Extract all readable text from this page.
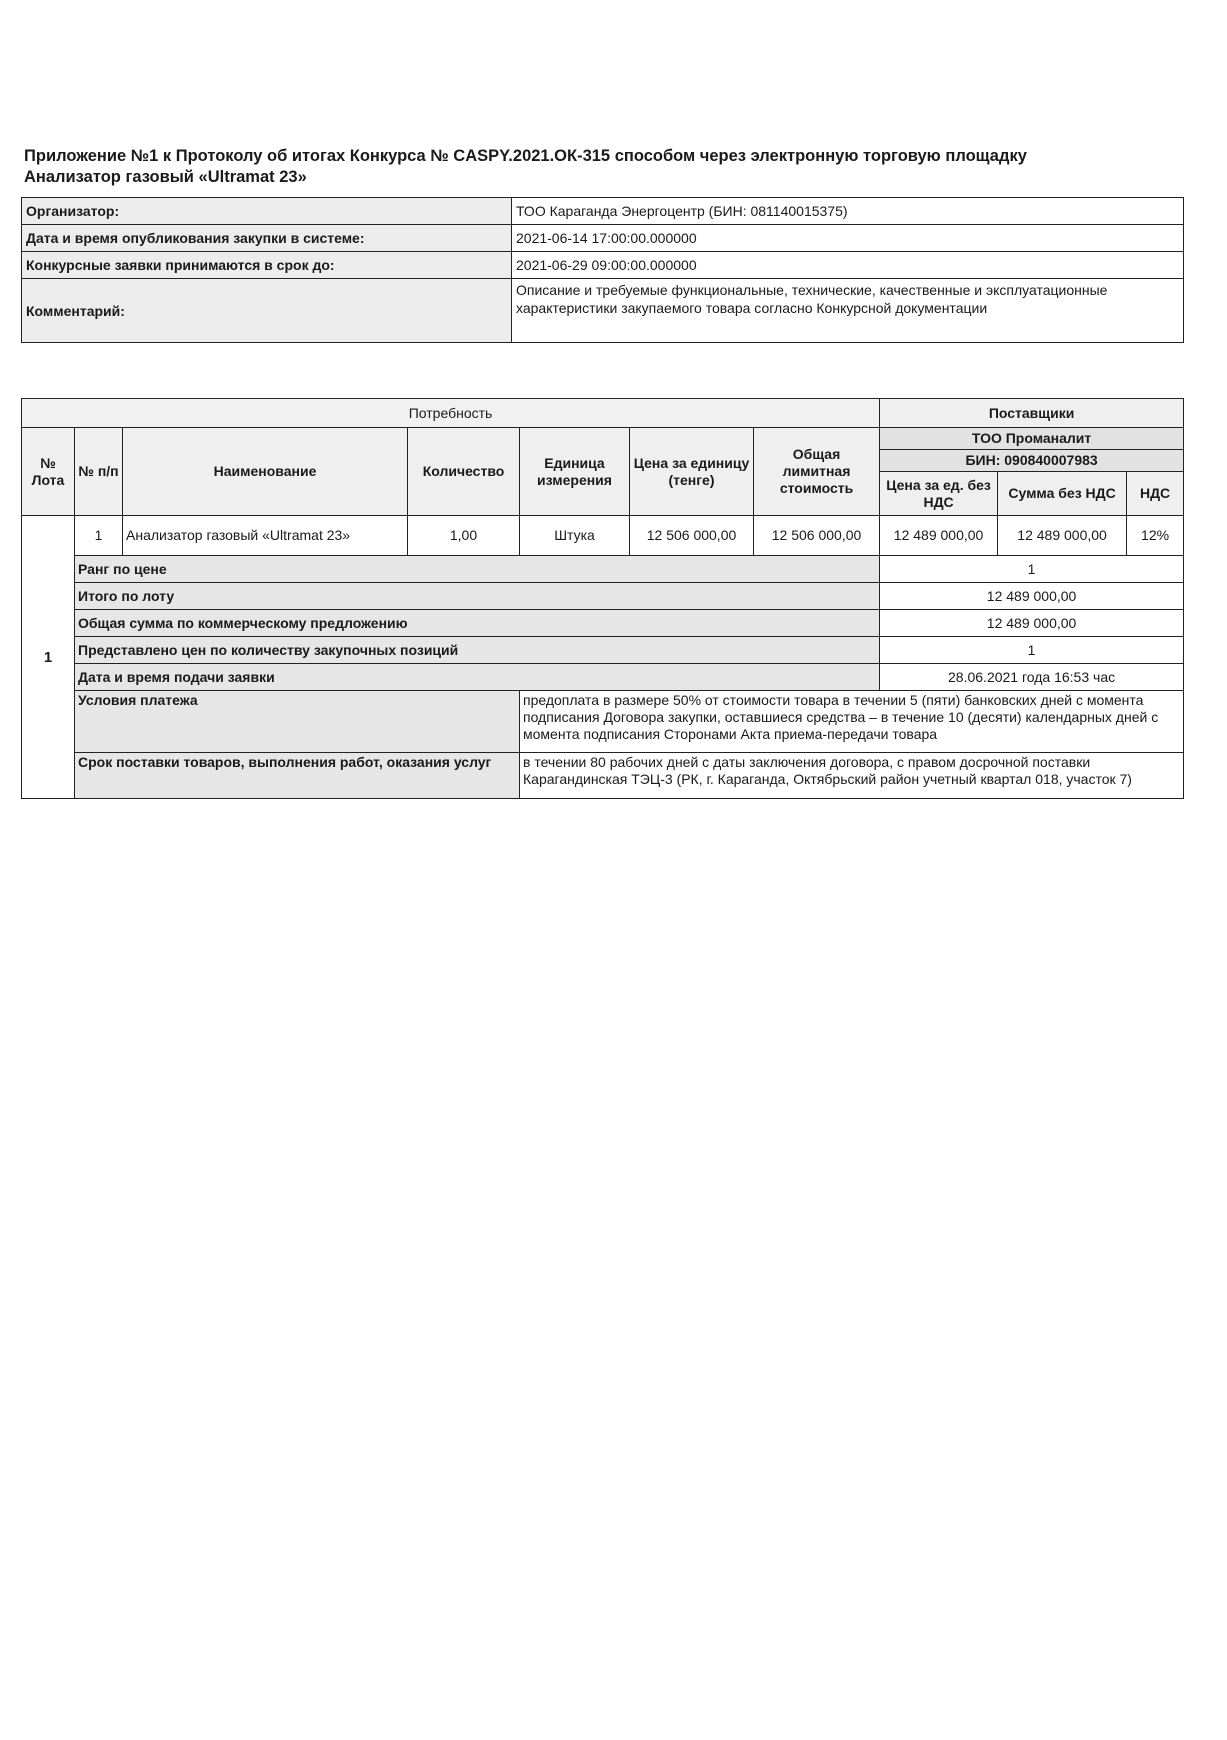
Приложение №1 к Протоколу об итогах Конкурса № CASPY.2021.ОК-315 способом через электронную торговую площадку
Анализатор газовый «Ultramat 23»
Организатор:	ТОО Караганда Энергоцентр (БИН: 081140015375)
Дата и время опубликования закупки в системе:	2021-06-14 17:00:00.000000
Конкурсные заявки принимаются в срок до:	2021-06-29 09:00:00.000000
Комментарий:	Описание и требуемые функциональные, технические, качественные и эксплуатационные характеристики закупаемого товара согласно Конкурсной документации
Потребность							Поставщики		
№ Лота	№ п/п	Наименование	Количество	Единица измерения	Цена за единицу (тенге)	Общая лимитная стоимость	ТОО Проманалит		
							БИН: 090840007983		
							Цена за ед. без НДС	Сумма без НДС	НДС
1	1	Анализатор газовый «Ultramat 23»	1,00	Штука	12 506 000,00	12 506 000,00	12 489 000,00	12 489 000,00	12%
	Ранг по цене						1		
	Итого по лоту						12 489 000,00		
	Общая сумма по коммерческому предложению						12 489 000,00		
	Представлено цен по количеству закупочных позиций						1		
	Дата и время подачи заявки						28.06.2021 года 16:53 час		
	Условия платежа			предоплата в размере 50% от стоимости товара в течении 5 (пяти) банковских дней с момента подписания Договора закупки, оставшиеся средства – в течение 10 (десяти) календарных дней с момента подписания Сторонами Акта приема-передачи товара					
	Срок поставки товаров, выполнения работ, оказания услуг			в течении 80 рабочих дней с даты заключения договора, с правом досрочной поставки Карагандинская ТЭЦ-3 (РК, г. Караганда, Октябрьский район учетный квартал 018, участок 7)					
